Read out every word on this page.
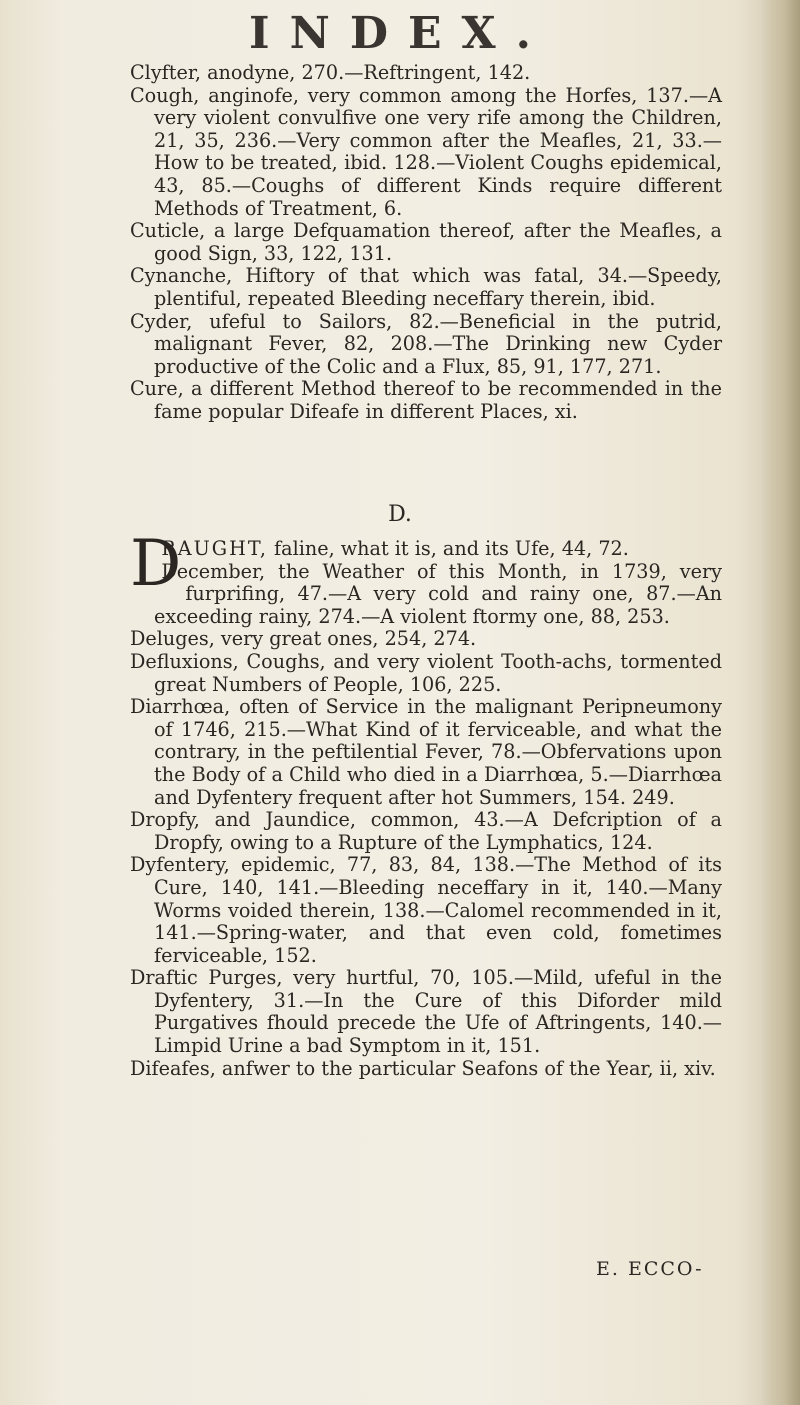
INDEX.

Clyfter, anodyne, 270.—Reftringent, 142.

Cough, anginofe, very common among the Horfes, 137.—A very violent convulfive one very rife among the Children, 21, 35, 236.—Very common after the Meafles, 21, 33.—How to be treated, ibid. 128.—Violent Coughs epidemical, 43, 85.—Coughs of different Kinds require different Methods of Treatment, 6.

Cuticle, a large Defquamation thereof, after the Meafles, a good Sign, 33, 122, 131.

Cynanche, Hiftory of that which was fatal, 34.—Speedy, plentiful, repeated Bleeding neceffary therein, ibid.

Cyder, ufeful to Sailors, 82.—Beneficial in the putrid, malignant Fever, 82, 208.—The Drinking new Cyder productive of the Colic and a Flux, 85, 91, 177, 271.

Cure, a different Method thereof to be recommended in the fame popular Difeafe in different Places, xi.

D.

D
RAUGHT, faline, what it is, and its Ufe, 44, 72.

December, the Weather of this Month, in 1739, very furprifing, 47.—A very cold and rainy one, 87.—An exceeding rainy, 274.—A violent ftormy one, 88, 253.

Deluges, very great ones, 254, 274.

Defluxions, Coughs, and very violent Tooth-achs, tormented great Numbers of People, 106, 225.

Diarrhœa, often of Service in the malignant Peripneumony of 1746, 215.—What Kind of it ferviceable, and what the contrary, in the peftilential Fever, 78.—Obfervations upon the Body of a Child who died in a Diarrhœa, 5.—Diarrhœa and Dyfentery frequent after hot Summers, 154. 249.

Dropfy, and Jaundice, common, 43.—A Defcription of a Dropfy, owing to a Rupture of the Lymphatics, 124.

Dyfentery, epidemic, 77, 83, 84, 138.—The Method of its Cure, 140, 141.—Bleeding neceffary in it, 140.—Many Worms voided therein, 138.—Calomel recommended in it, 141.—Spring-water, and that even cold, fometimes ferviceable, 152.

Draftic Purges, very hurtful, 70, 105.—Mild, ufeful in the Dyfentery, 31.—In the Cure of this Diforder mild Purgatives fhould precede the Ufe of Aftringents, 140.—Limpid Urine a bad Symptom in it, 151.

Difeafes, anfwer to the particular Seafons of the Year, ii, xiv.

E. ECCO-
